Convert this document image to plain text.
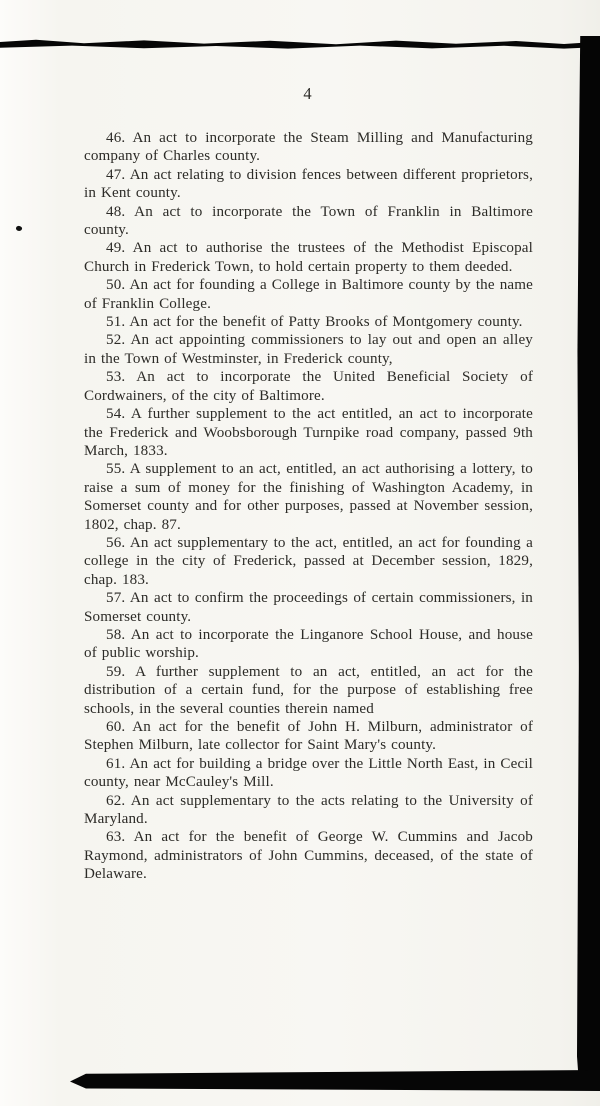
4

46. An act to incorporate the Steam Milling and Manufacturing company of Charles county.

47. An act relating to division fences between different proprietors, in Kent county.

48. An act to incorporate the Town of Franklin in Baltimore county.

49. An act to authorise the trustees of the Methodist Episcopal Church in Frederick Town, to hold certain property to them deeded.

50. An act for founding a College in Baltimore county by the name of Franklin College.

51. An act for the benefit of Patty Brooks of Montgomery county.

52. An act appointing commissioners to lay out and open an alley in the Town of Westminster, in Frederick county,

53. An act to incorporate the United Beneficial Society of Cordwainers, of the city of Baltimore.

54. A further supplement to the act entitled, an act to incorporate the Frederick and Woobsborough Turnpike road company, passed 9th March, 1833.

55. A supplement to an act, entitled, an act authorising a lottery, to raise a sum of money for the finishing of Washington Academy, in Somerset county and for other purposes, passed at November session, 1802, chap. 87.

56. An act supplementary to the act, entitled, an act for founding a college in the city of Frederick, passed at December session, 1829, chap. 183.

57. An act to confirm the proceedings of certain commissioners, in Somerset county.

58. An act to incorporate the Linganore School House, and house of public worship.

59. A further supplement to an act, entitled, an act for the distribution of a certain fund, for the purpose of establishing free schools, in the several counties therein named

60. An act for the benefit of John H. Milburn, administrator of Stephen Milburn, late collector for Saint Mary's county.

61. An act for building a bridge over the Little North East, in Cecil county, near McCauley's Mill.

62. An act supplementary to the acts relating to the University of Maryland.

63. An act for the benefit of George W. Cummins and Jacob Raymond, administrators of John Cummins, deceased, of the state of Delaware.
